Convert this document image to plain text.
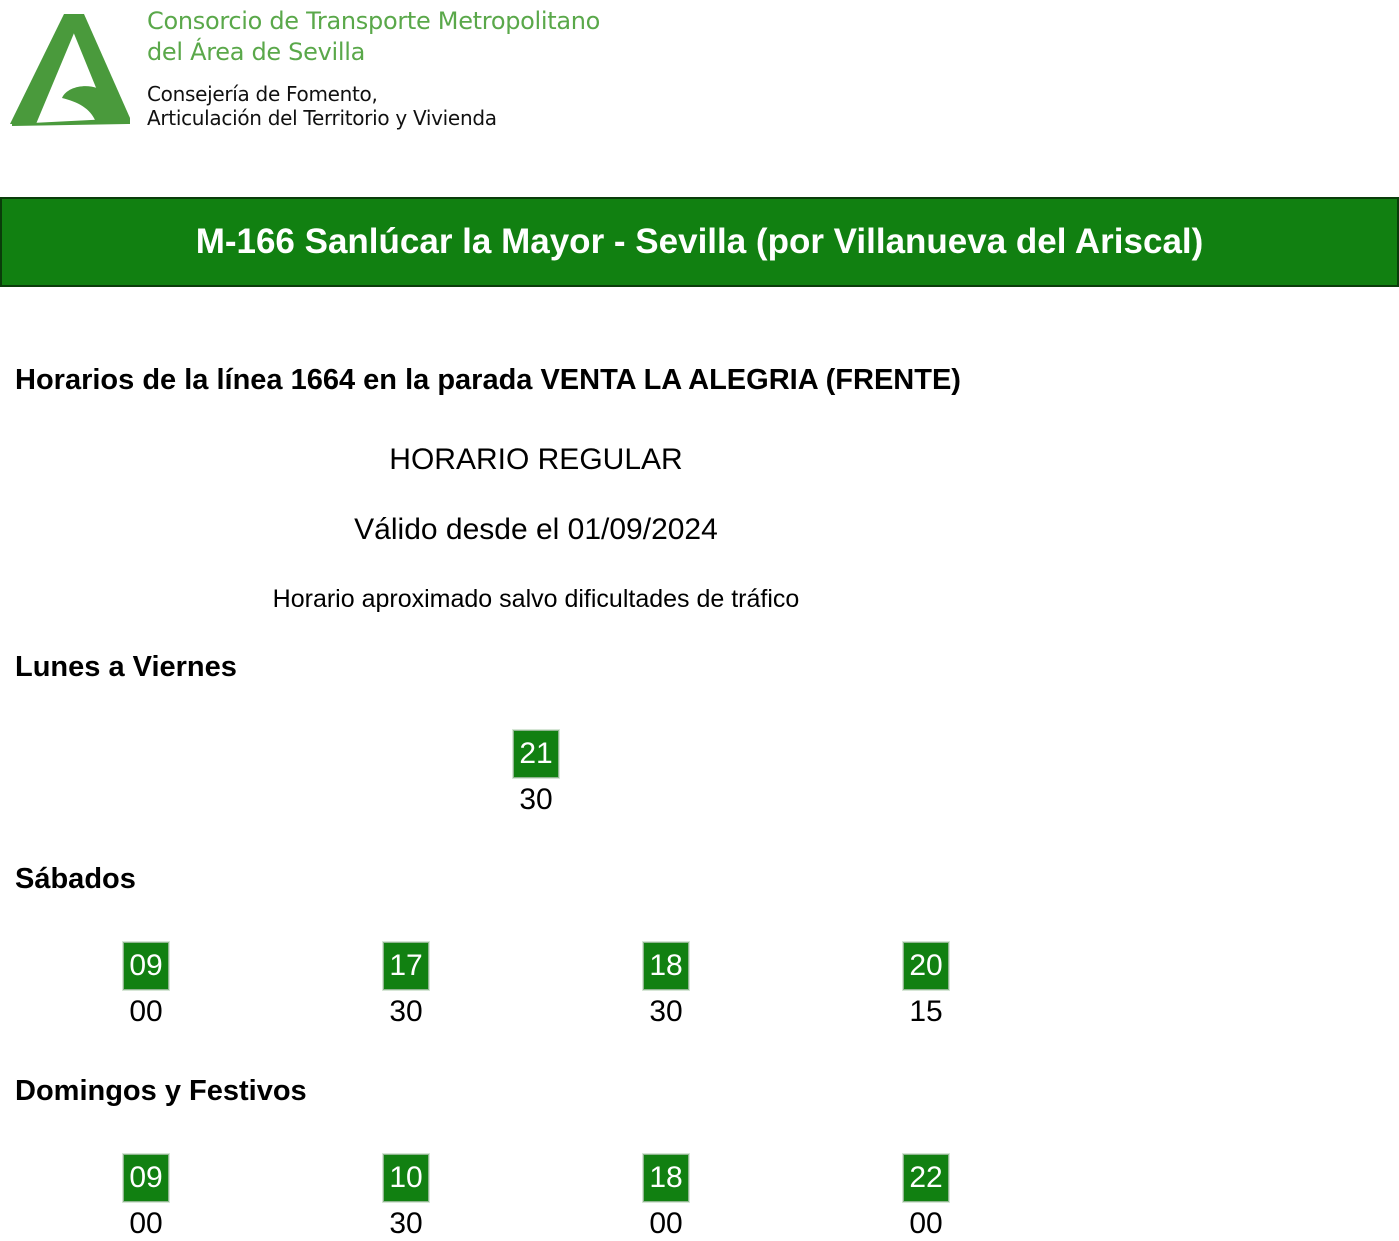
Consorcio de Transporte Metropolitano
del Área de Sevilla
Consejería de Fomento,
Articulación del Territorio y Vivienda
M-166 Sanlúcar la Mayor - Sevilla (por Villanueva del Ariscal)
Horarios de la línea 1664 en la parada VENTA LA ALEGRIA (FRENTE)
HORARIO REGULAR
Válido desde el 01/09/2024
Horario aproximado salvo dificultades de tráfico
Lunes a Viernes
21
30
Sábados
09
00
17
30
18
30
20
15
Domingos y Festivos
09
00
10
30
18
00
22
00
